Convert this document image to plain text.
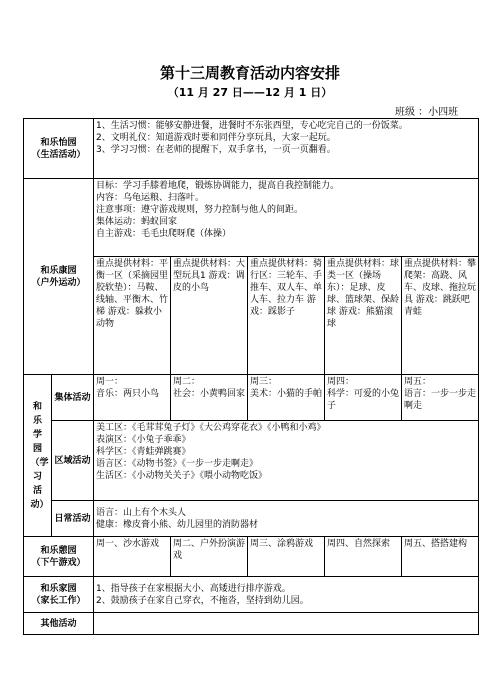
第十三周教育活动内容安排
（11 月 27 日——12 月 1 日）
班级 ：小四班
和乐怡园
（生活活动）		1、生活习惯：能够安静进餐，进餐时不东张西望，专心吃完自己的一份饭菜。
2、文明礼仪：知道游戏时要和同伴分享玩具，大家一起玩。
3、学习习惯：在老师的提醒下，双手拿书，一页一页翻看。				

和乐康园
（户外运动）		目标：学习手膝着地爬，锻炼协调能力，提高自我控制能力。
内容：乌龟运粮、扫落叶。
注意事项：遵守游戏规则，努力控制与他人的间距。
集体运动：蚂蚁回家
自主游戏：毛毛虫爬呀爬（体操）				

		重点提供材料：平衡一区（采摘园里胶软垫）：马鞍、线轴、平衡木、竹梯 游戏：躲救小动物	重点提供材料：大型玩具1 游戏：调皮的小鸟	重点提供材料：骑行区：三轮车、手推车、双人车、单人车、拉力车 游戏：踩影子	重点提供材料：球类一区（操场东）：足球、皮球、篮球架、保龄球 游戏：熊猫滚球	重点提供材料：攀爬架：高跷、风车、皮球、拖拉玩具 游戏：跳跃吧青蛙

和乐学园（学习活动）	集体活动	周一：
音乐：两只小鸟	周二：
社会：小黄鸭回家	周三：
美术：小猫的手帕	周四：
科学：可爱的小兔子	周五：
语言：一步一步走啊走

	区域活动	美工区：《毛茸茸兔子灯》《大公鸡穿花衣》《小鸭和小鸡》
表演区：《小兔子乖乖》
科学区：《青蛙弹跳赛》
语言区：《动物书签》《一步一步走啊走》
生活区：《小动物关关子》《喂小动物吃饭》				

	日常活动	语言：山上有个木头人
健康：橡皮膏小熊、幼儿园里的消防器材				

和乐憩园
（下午游戏）		周一、沙水游戏	周二、户外扮演游戏	周三、涂鸦游戏	周四、自然探索	周五、搭搭建构

和乐家园
（家长工作）		1、指导孩子在家根据大小、高矮进行排序游戏。
2、鼓励孩子在家自己穿衣，不拖沓，坚持到幼儿园。				

其他活动						
